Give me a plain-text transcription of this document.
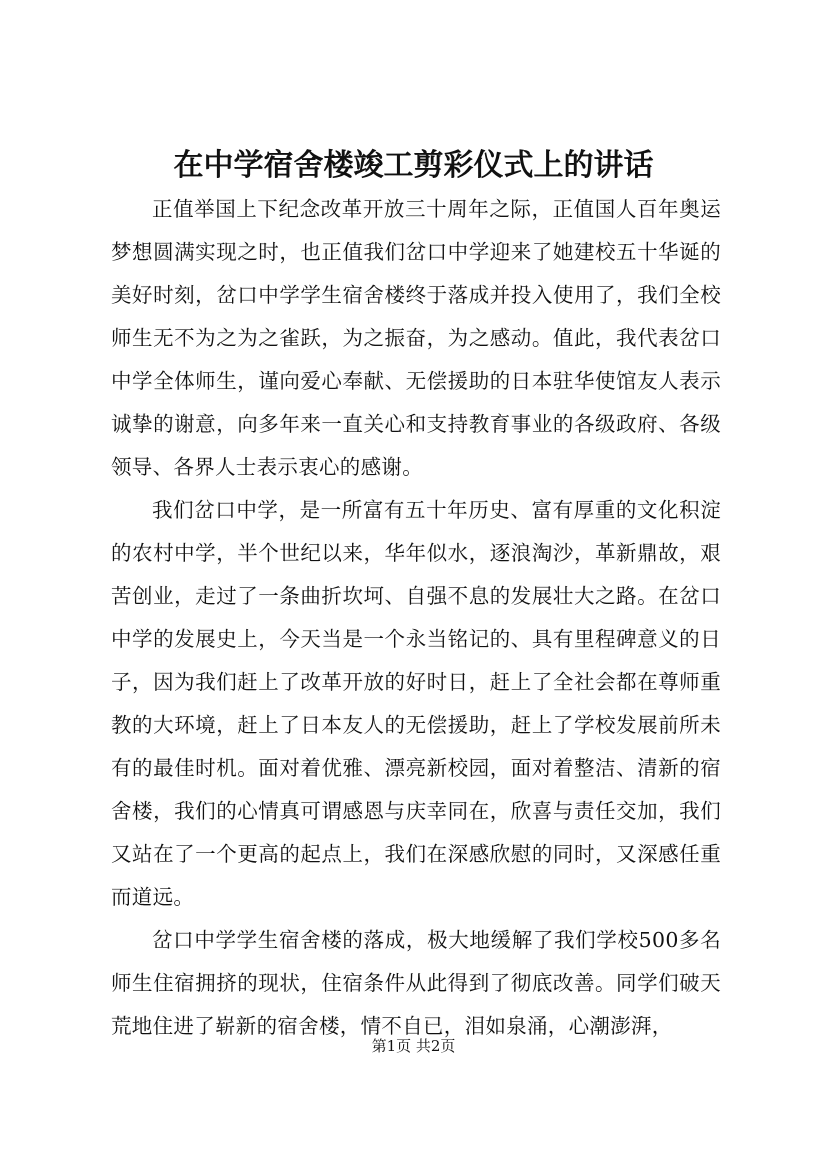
在中学宿舍楼竣工剪彩仪式上的讲话

正值举国上下纪念改革开放三十周年之际，正值国人百年奥运梦想圆满实现之时，也正值我们岔口中学迎来了她建校五十华诞的美好时刻，岔口中学学生宿舍楼终于落成并投入使用了，我们全校师生无不为之为之雀跃，为之振奋，为之感动。值此，我代表岔口中学全体师生，谨向爱心奉献、无偿援助的日本驻华使馆友人表示诚挚的谢意，向多年来一直关心和支持教育事业的各级政府、各级领导、各界人士表示衷心的感谢。

我们岔口中学，是一所富有五十年历史、富有厚重的文化积淀的农村中学，半个世纪以来，华年似水，逐浪淘沙，革新鼎故，艰苦创业，走过了一条曲折坎坷、自强不息的发展壮大之路。在岔口中学的发展史上，今天当是一个永当铭记的、具有里程碑意义的日子，因为我们赶上了改革开放的好时日，赶上了全社会都在尊师重教的大环境，赶上了日本友人的无偿援助，赶上了学校发展前所未有的最佳时机。面对着优雅、漂亮新校园，面对着整洁、清新的宿舍楼，我们的心情真可谓感恩与庆幸同在，欣喜与责任交加，我们又站在了一个更高的起点上，我们在深感欣慰的同时，又深感任重而道远。

岔口中学学生宿舍楼的落成，极大地缓解了我们学校500多名师生住宿拥挤的现状，住宿条件从此得到了彻底改善。同学们破天荒地住进了崭新的宿舍楼，情不自已，泪如泉涌，心潮澎湃，

第1页 共2页
